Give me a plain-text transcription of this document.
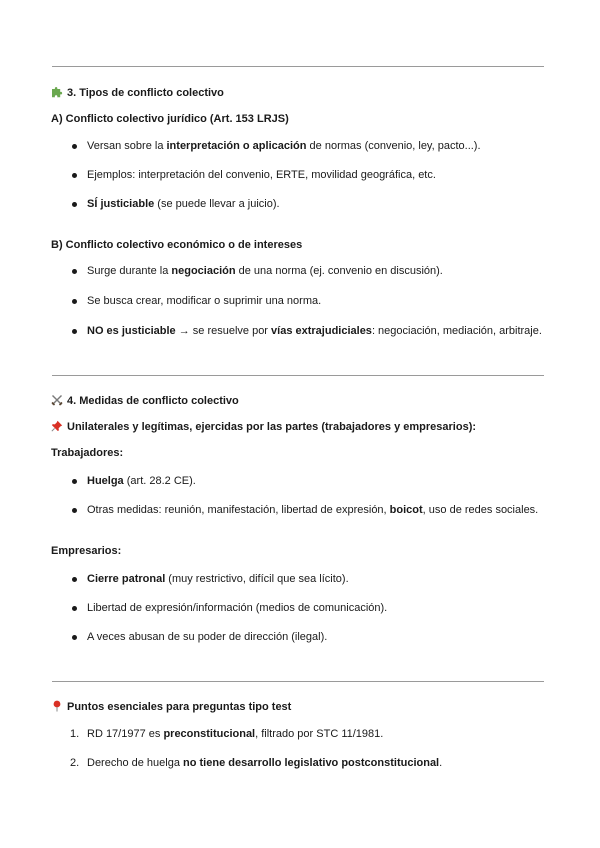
3. Tipos de conflicto colectivo
A) Conflicto colectivo jurídico (Art. 153 LRJS)
Versan sobre la interpretación o aplicación de normas (convenio, ley, pacto...).
Ejemplos: interpretación del convenio, ERTE, movilidad geográfica, etc.
SÍ justiciable (se puede llevar a juicio).
B) Conflicto colectivo económico o de intereses
Surge durante la negociación de una norma (ej. convenio en discusión).
Se busca crear, modificar o suprimir una norma.
NO es justiciable → se resuelve por vías extrajudiciales: negociación, mediación, arbitraje.
4. Medidas de conflicto colectivo
Unilaterales y legítimas, ejercidas por las partes (trabajadores y empresarios):
Trabajadores:
Huelga (art. 28.2 CE).
Otras medidas: reunión, manifestación, libertad de expresión, boicot, uso de redes sociales.
Empresarios:
Cierre patronal (muy restrictivo, difícil que sea lícito).
Libertad de expresión/información (medios de comunicación).
A veces abusan de su poder de dirección (ilegal).
Puntos esenciales para preguntas tipo test
1. RD 17/1977 es preconstitucional, filtrado por STC 11/1981.
2. Derecho de huelga no tiene desarrollo legislativo postconstitucional.
